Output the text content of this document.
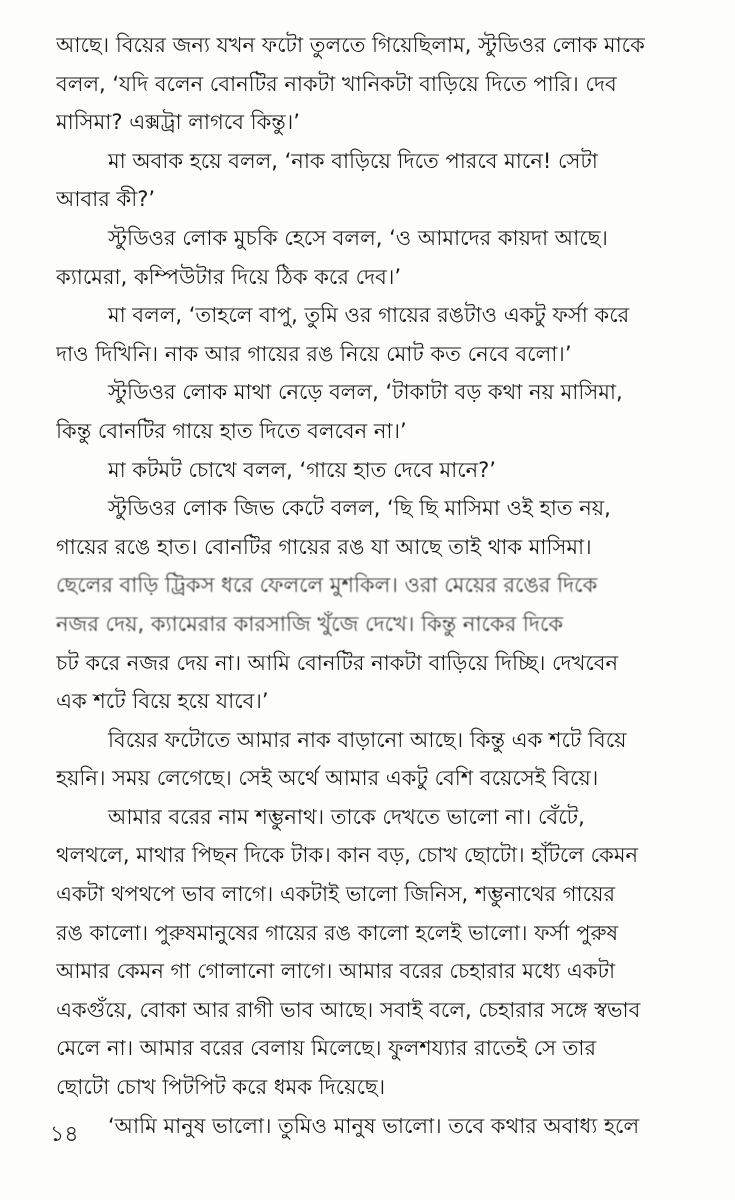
আছে। বিয়ের জন্য যখন ফটো তুলতে গিয়েছিলাম, স্টুডিওর লোক মাকে
বলল, ‘যদি বলেন বোনটির নাকটা খানিকটা বাড়িয়ে দিতে পারি। দেব
মাসিমা? এক্সট্রা লাগবে কিন্তু।’
মা অবাক হয়ে বলল, ‘নাক বাড়িয়ে দিতে পারবে মানে! সেটা
আবার কী?’
স্টুডিওর লোক মুচকি হেসে বলল, ‘ও আমাদের কায়দা আছে।
ক্যামেরা, কম্পিউটার দিয়ে ঠিক করে দেব।’
মা বলল, ‘তাহলে বাপু, তুমি ওর গায়ের রঙটাও একটু ফর্সা করে
দাও দিখিনি। নাক আর গায়ের রঙ নিয়ে মোট কত নেবে বলো।’
স্টুডিওর লোক মাথা নেড়ে বলল, ‘টাকাটা বড় কথা নয় মাসিমা,
কিন্তু বোনটির গায়ে হাত দিতে বলবেন না।’
মা কটমট চোখে বলল, ‘গায়ে হাত দেবে মানে?’
স্টুডিওর লোক জিভ কেটে বলল, ‘ছি ছি মাসিমা ওই হাত নয়,
গায়ের রঙে হাত। বোনটির গায়ের রঙ যা আছে তাই থাক মাসিমা।
ছেলের বাড়ি ট্রিকস ধরে ফেললে মুশকিল। ওরা মেয়ের রঙের দিকে
নজর দেয়, ক্যামেরার কারসাজি খুঁজে দেখে। কিন্তু নাকের দিকে
চট করে নজর দেয় না। আমি বোনটির নাকটা বাড়িয়ে দিচ্ছি। দেখবেন
এক শটে বিয়ে হয়ে যাবে।’
বিয়ের ফটোতে আমার নাক বাড়ানো আছে। কিন্তু এক শটে বিয়ে
হয়নি। সময় লেগেছে। সেই অর্থে আমার একটু বেশি বয়েসেই বিয়ে।
আমার বরের নাম শম্ভুনাথ। তাকে দেখতে ভালো না। বেঁটে,
থলথলে, মাথার পিছন দিকে টাক। কান বড়, চোখ ছোটো। হাঁটলে কেমন
একটা থপথপে ভাব লাগে। একটাই ভালো জিনিস, শম্ভুনাথের গায়ের
রঙ কালো। পুরুষমানুষের গায়ের রঙ কালো হলেই ভালো। ফর্সা পুরুষ
আমার কেমন গা গোলানো লাগে। আমার বরের চেহারার মধ্যে একটা
একগুঁয়ে, বোকা আর রাগী ভাব আছে। সবাই বলে, চেহারার সঙ্গে স্বভাব
মেলে না। আমার বরের বেলায় মিলেছে। ফুলশয্যার রাতেই সে তার
ছোটো চোখ পিটপিট করে ধমক দিয়েছে।
‘আমি মানুষ ভালো। তুমিও মানুষ ভালো। তবে কথার অবাধ্য হলে
১৪
